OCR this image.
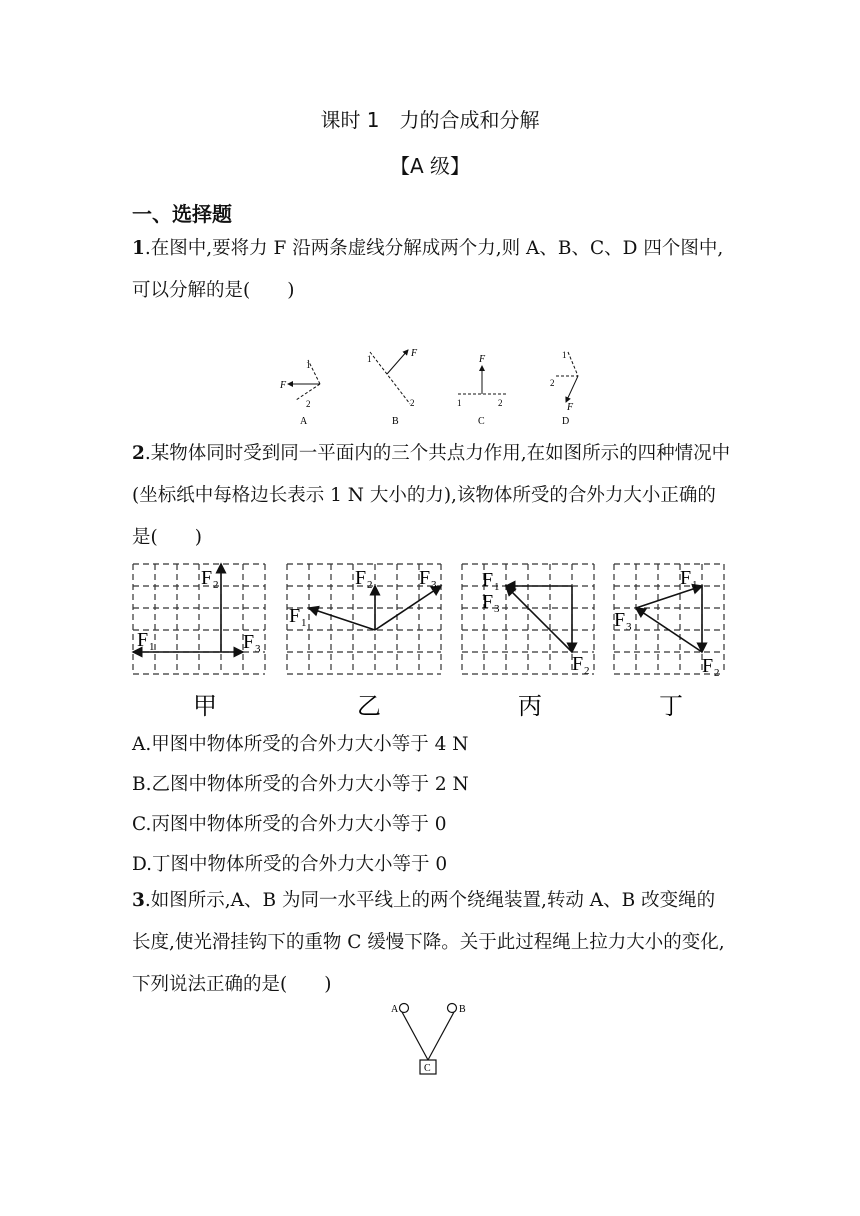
课时 1　力的合成和分解
【A 级】
一、选择题
1.在图中,要将力 F 沿两条虚线分解成两个力,则 A、B、C、D 四个图中,可以分解的是(　　)
F
1
2
A
F
1
2
B
F
1	2
C
F
1
2
D
2.某物体同时受到同一平面内的三个共点力作用,在如图所示的四种情况中(坐标纸中每格边长表示 1 N 大小的力),该物体所受的合外力大小正确的是(　　)
F 1
F 2
F 3
甲
F 1
F 2 F 3
乙
F 1
F 3
F 2
丙
F 1
F 3
F 2
丁
A.甲图中物体所受的合外力大小等于 4 N
B.乙图中物体所受的合外力大小等于 2 N
C.丙图中物体所受的合外力大小等于 0
D.丁图中物体所受的合外力大小等于 0
3.如图所示,A、B 为同一水平线上的两个绕绳装置,转动 A、B 改变绳的长度,使光滑挂钩下的重物 C 缓慢下降。关于此过程绳上拉力大小的变化,下列说法正确的是(　　)
A	B
C
